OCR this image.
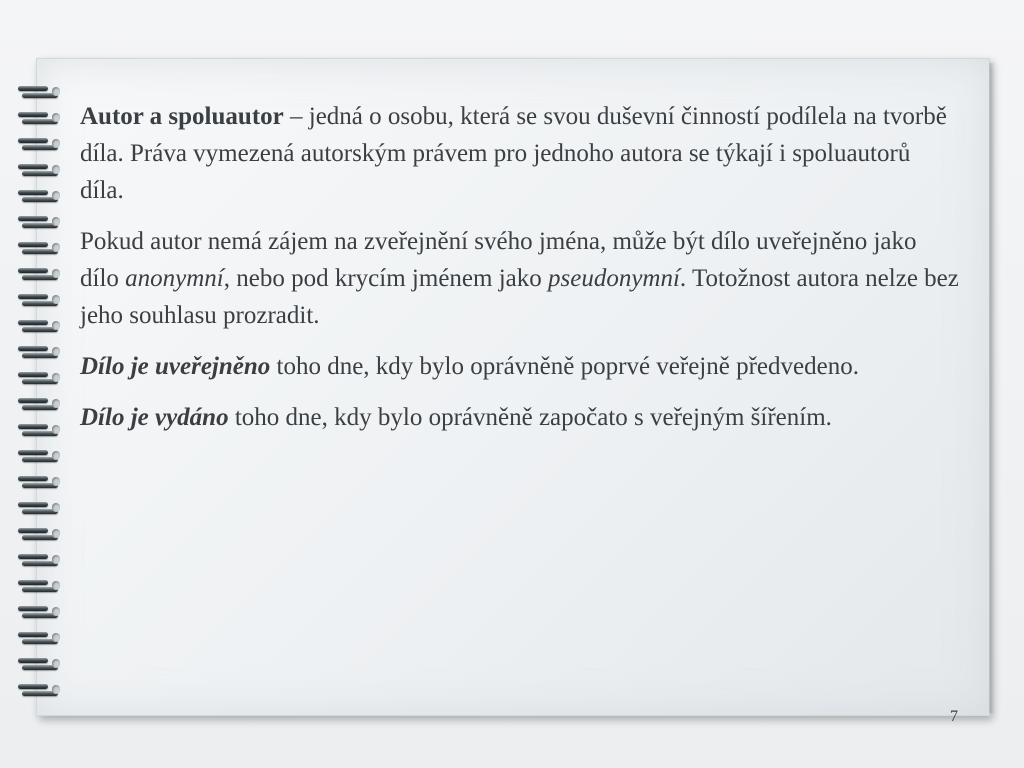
Autor a spoluautor – jedná o osobu, která se svou duševní činností podílela na tvorbě díla. Práva vymezená autorským právem pro jednoho autora se týkají i spoluautorů díla.

Pokud autor nemá zájem na zveřejnění svého jména, může být dílo uveřejněno jako dílo anonymní, nebo pod krycím jménem jako pseudonymní. Totožnost autora nelze bez jeho souhlasu prozradit.

Dílo je uveřejněno toho dne, kdy bylo oprávněně poprvé veřejně předvedeno.

Dílo je vydáno toho dne, kdy bylo oprávněně započato s veřejným šířením.

7
